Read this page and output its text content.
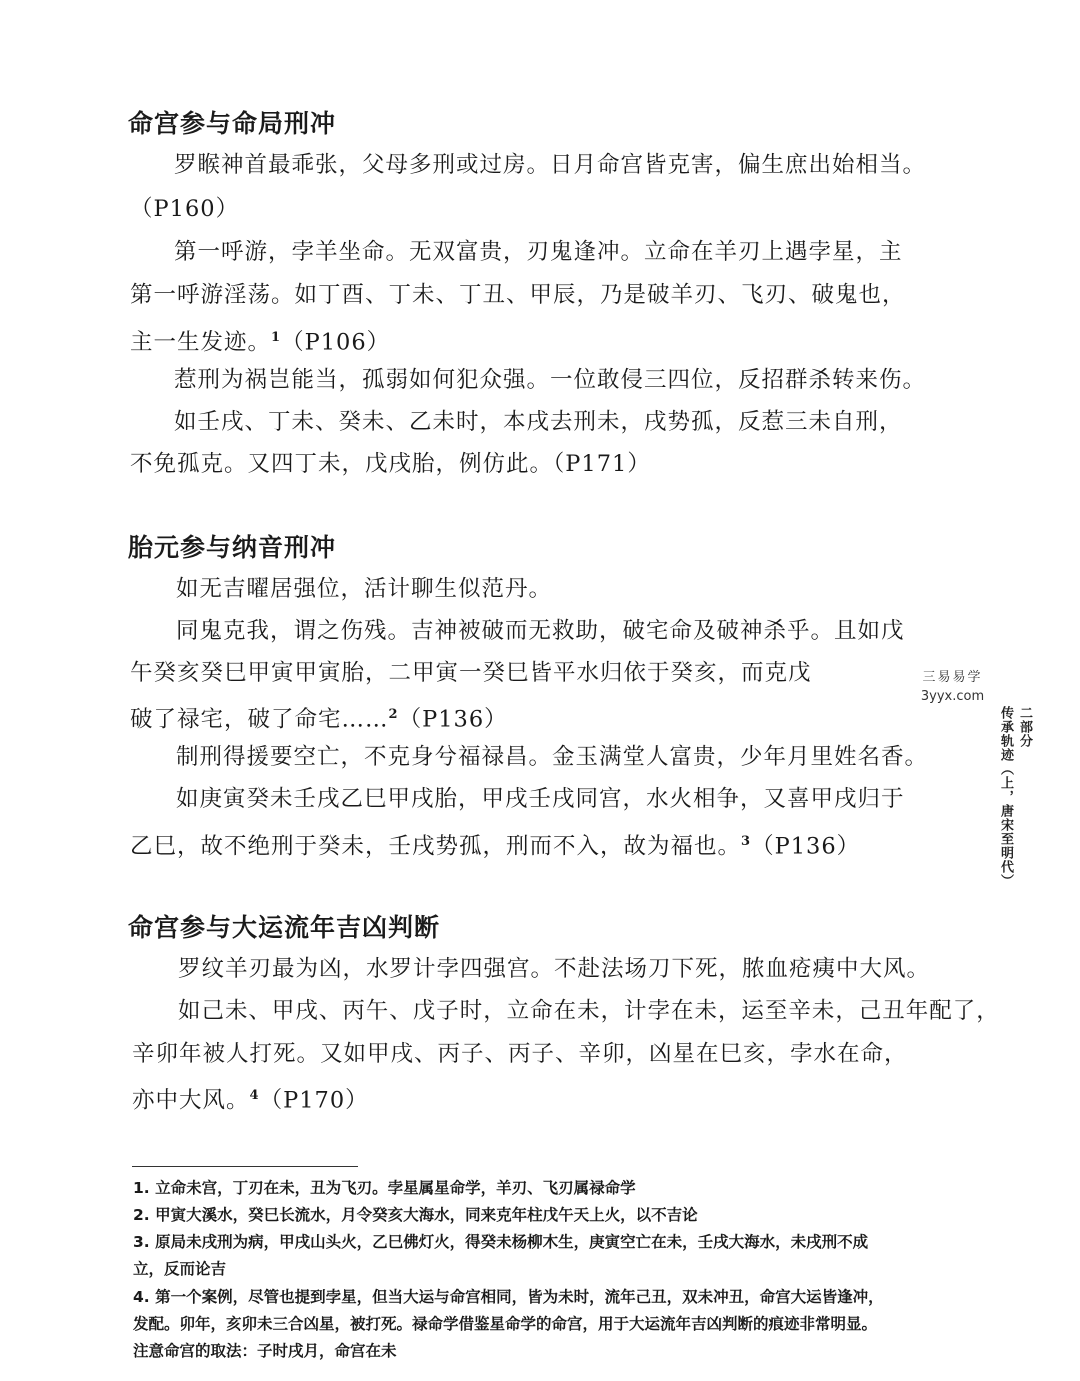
命宫参与命局刑冲
罗睺神首最乖张，父母多刑或过房。日月命宫皆克害，偏生庶出始相当。
（P160）
第一呼游，孛羊坐命。无双富贵，刃鬼逢冲。立命在羊刃上遇孛星，主
第一呼游淫荡。如丁酉、丁未、丁丑、甲辰，乃是破羊刃、飞刃、破鬼也，
主一生发迹。$^1$（P106）
惹刑为祸岂能当，孤弱如何犯众强。一位敢侵三四位，反招群杀转来伤。
如壬戌、丁未、癸未、乙未时，本戌去刑未，戌势孤，反惹三未自刑，
不免孤克。又四丁未，戊戌胎，例仿此。（P171）
胎元参与纳音刑冲
如无吉曜居强位，活计聊生似范丹。
同鬼克我，谓之伤残。吉神被破而无救助，破宅命及破神杀乎。且如戊
午癸亥癸巳甲寅甲寅胎，二甲寅一癸巳皆平水归依于癸亥，而克戊
破了禄宅，破了命宅……$^2$（P136）
制刑得援要空亡，不克身兮福禄昌。金玉满堂人富贵，少年月里姓名香。
如庚寅癸未壬戌乙巳甲戌胎，甲戌壬戌同宫，水火相争，又喜甲戌归于
乙巳，故不绝刑于癸未，壬戌势孤，刑而不入，故为福也。$^3$（P136）
命宫参与大运流年吉凶判断
罗纹羊刃最为凶，水罗计孛四强宫。不赴法场刀下死，脓血疮痍中大风。
如己未、甲戌、丙午、戊子时，立命在未，计孛在未，运至辛未，己丑年配了，
辛卯年被人打死。又如甲戌、丙子、丙子、辛卯，凶星在巳亥，孛水在命，
亦中大风。$^4$（P170）
三易易学
3yyx.com
二部分
传承轨迹（上，唐宋至明代）
1. 立命未宫，丁刃在未，丑为飞刃。孛星属星命学，羊刃、飞刃属禄命学
2. 甲寅大溪水，癸巳长流水，月令癸亥大海水，同来克年柱戊午天上火，以不吉论
3. 原局未戌刑为病，甲戌山头火，乙巳佛灯火，得癸未杨柳木生，庚寅空亡在未，壬戌大海水，未戌刑不成
立，反而论吉
4. 第一个案例，尽管也提到孛星，但当大运与命宫相同，皆为未时，流年己丑，双未冲丑，命宫大运皆逢冲，
发配。卯年，亥卯未三合凶星，被打死。禄命学借鉴星命学的命宫，用于大运流年吉凶判断的痕迹非常明显。
注意命宫的取法：子时戌月，命宫在未
